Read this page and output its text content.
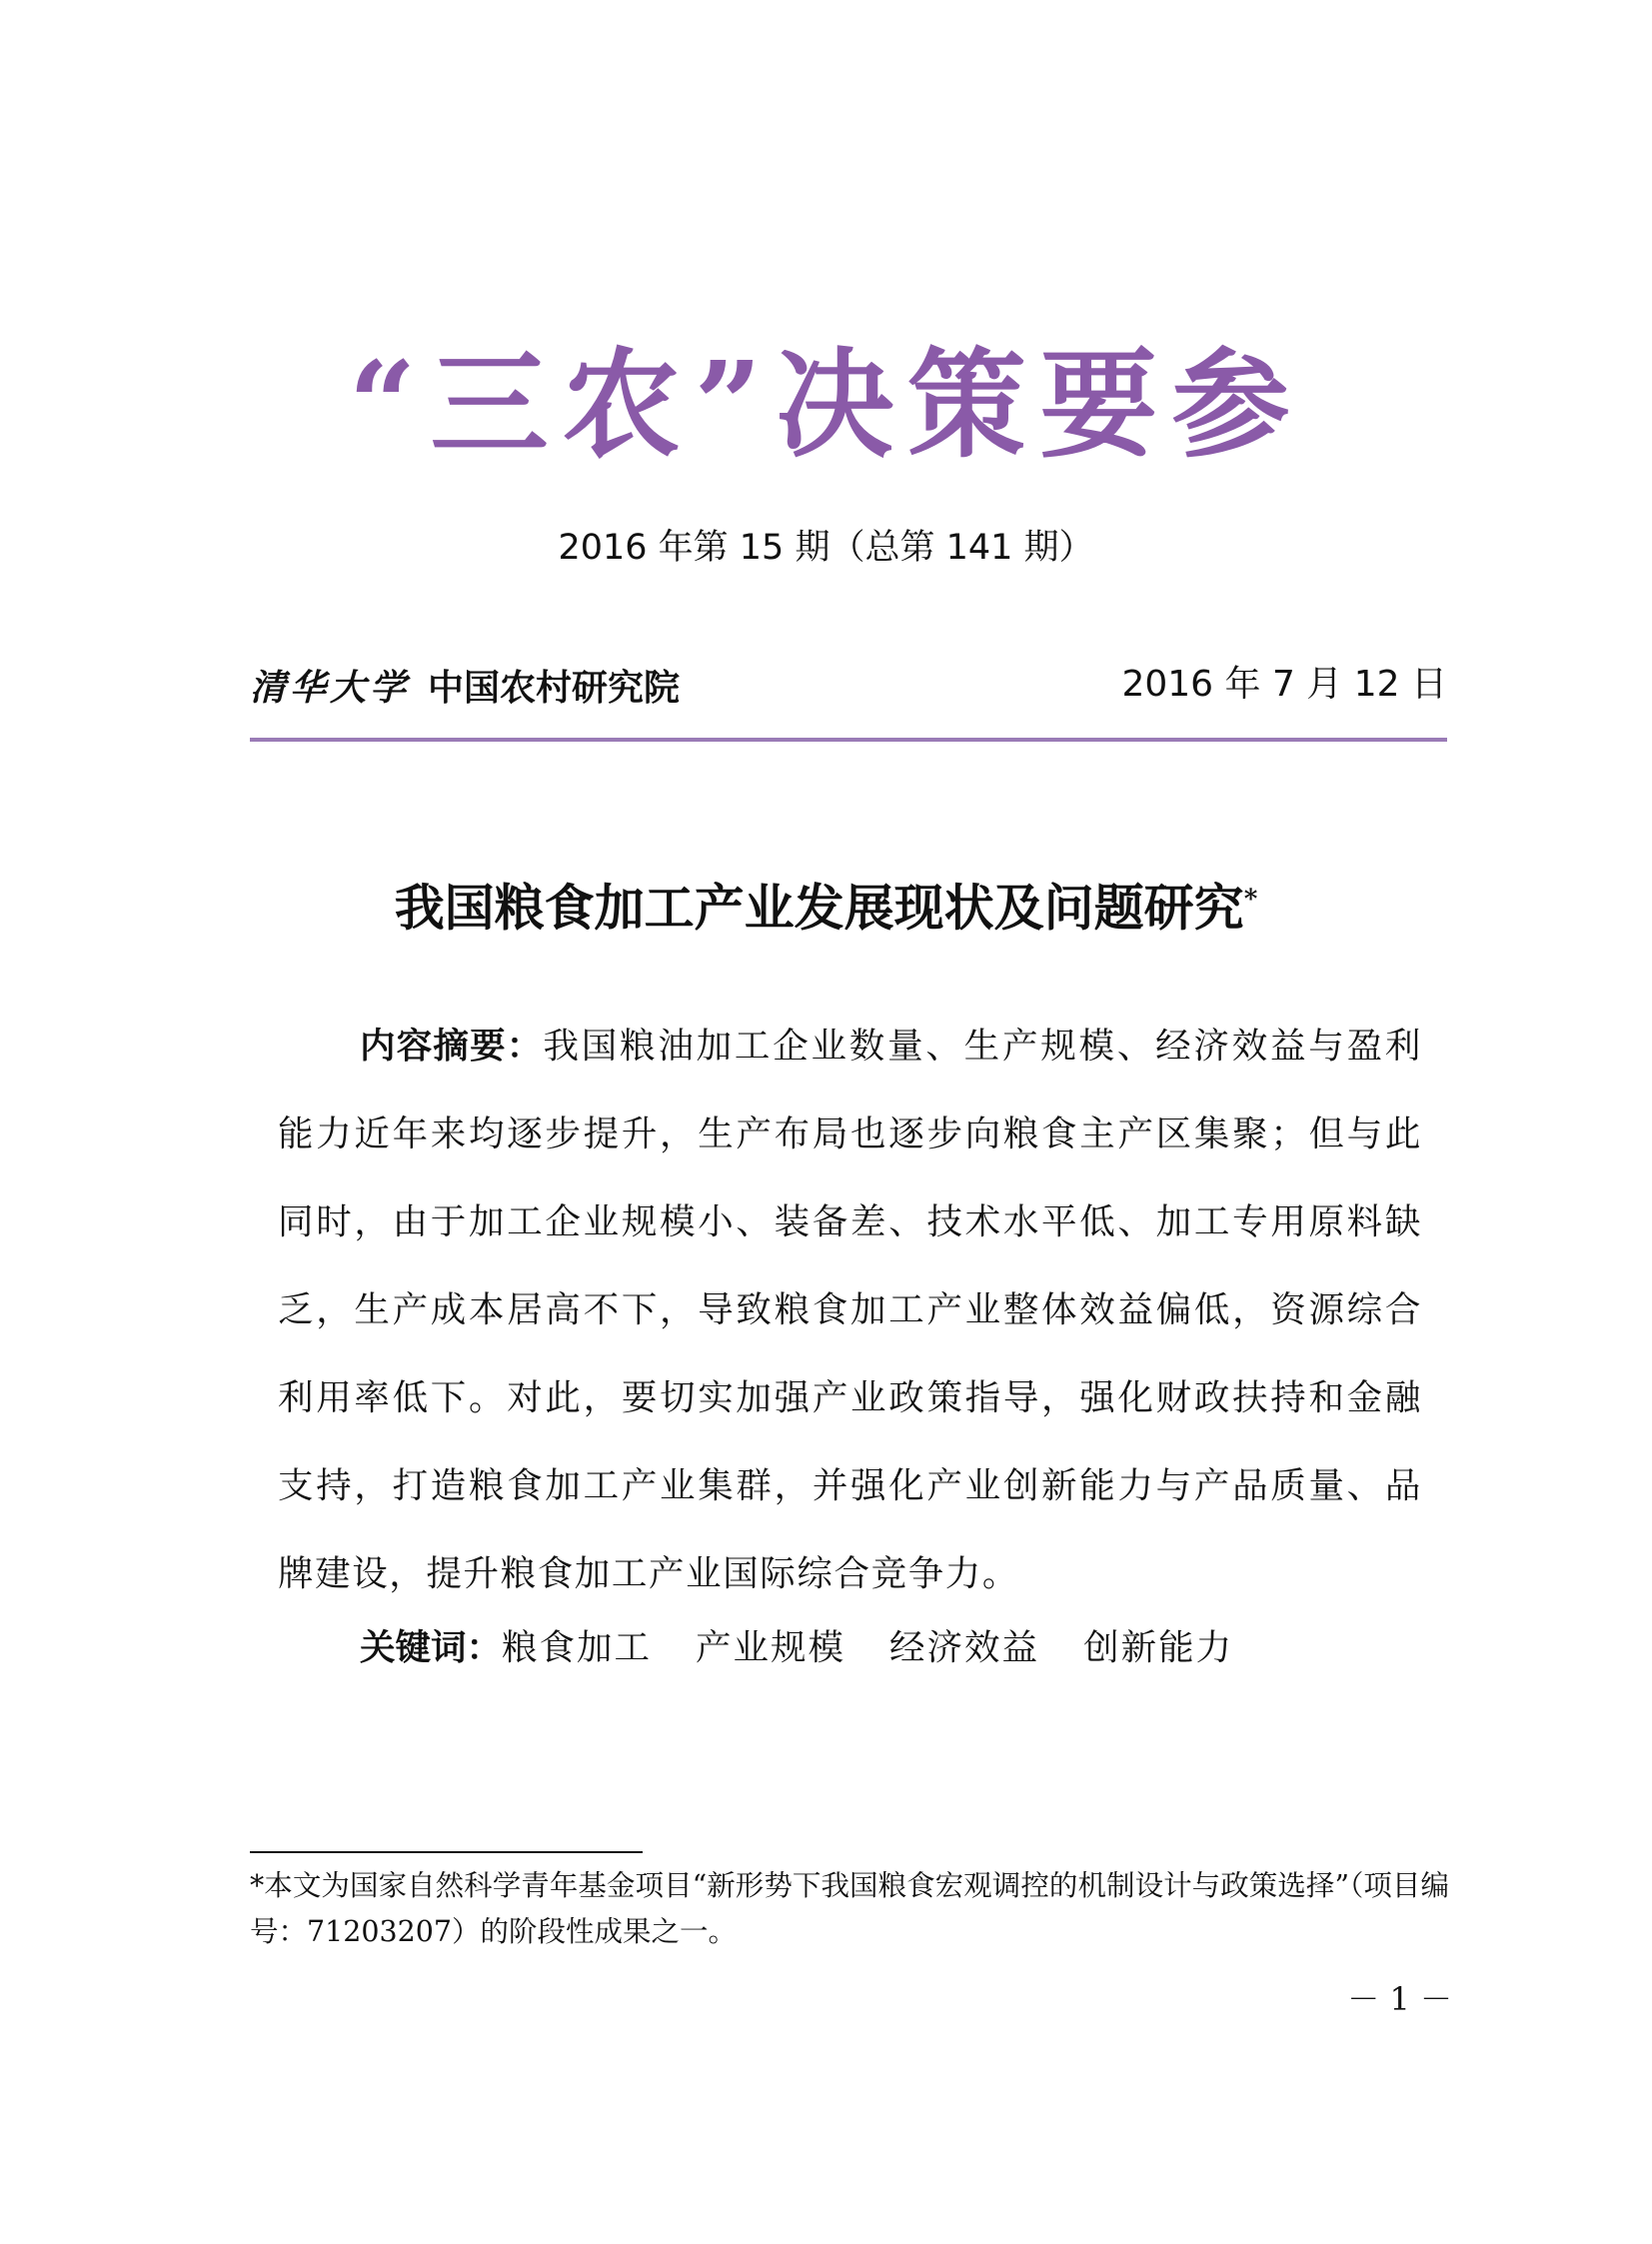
“三农”决策要参
2016 年第 15 期（总第 141 期）
清华大学 中国农村研究院	2016 年 7 月 12 日
我国粮食加工产业发展现状及问题研究*

内容摘要：我国粮油加工企业数量、生产规模、经济效益与盈利能力近年来均逐步提升，生产布局也逐步向粮食主产区集聚；但与此同时，由于加工企业规模小、装备差、技术水平低、加工专用原料缺乏，生产成本居高不下，导致粮食加工产业整体效益偏低，资源综合利用率低下。对此，要切实加强产业政策指导，强化财政扶持和金融支持，打造粮食加工产业集群，并强化产业创新能力与产品质量、品牌建设，提升粮食加工产业国际综合竞争力。

关键词：粮食加工 产业规模 经济效益 创新能力

*本文为国家自然科学青年基金项目“新形势下我国粮食宏观调控的机制设计与政策选择”（项目编号：71203207）的阶段性成果之一。

－ 1 －
